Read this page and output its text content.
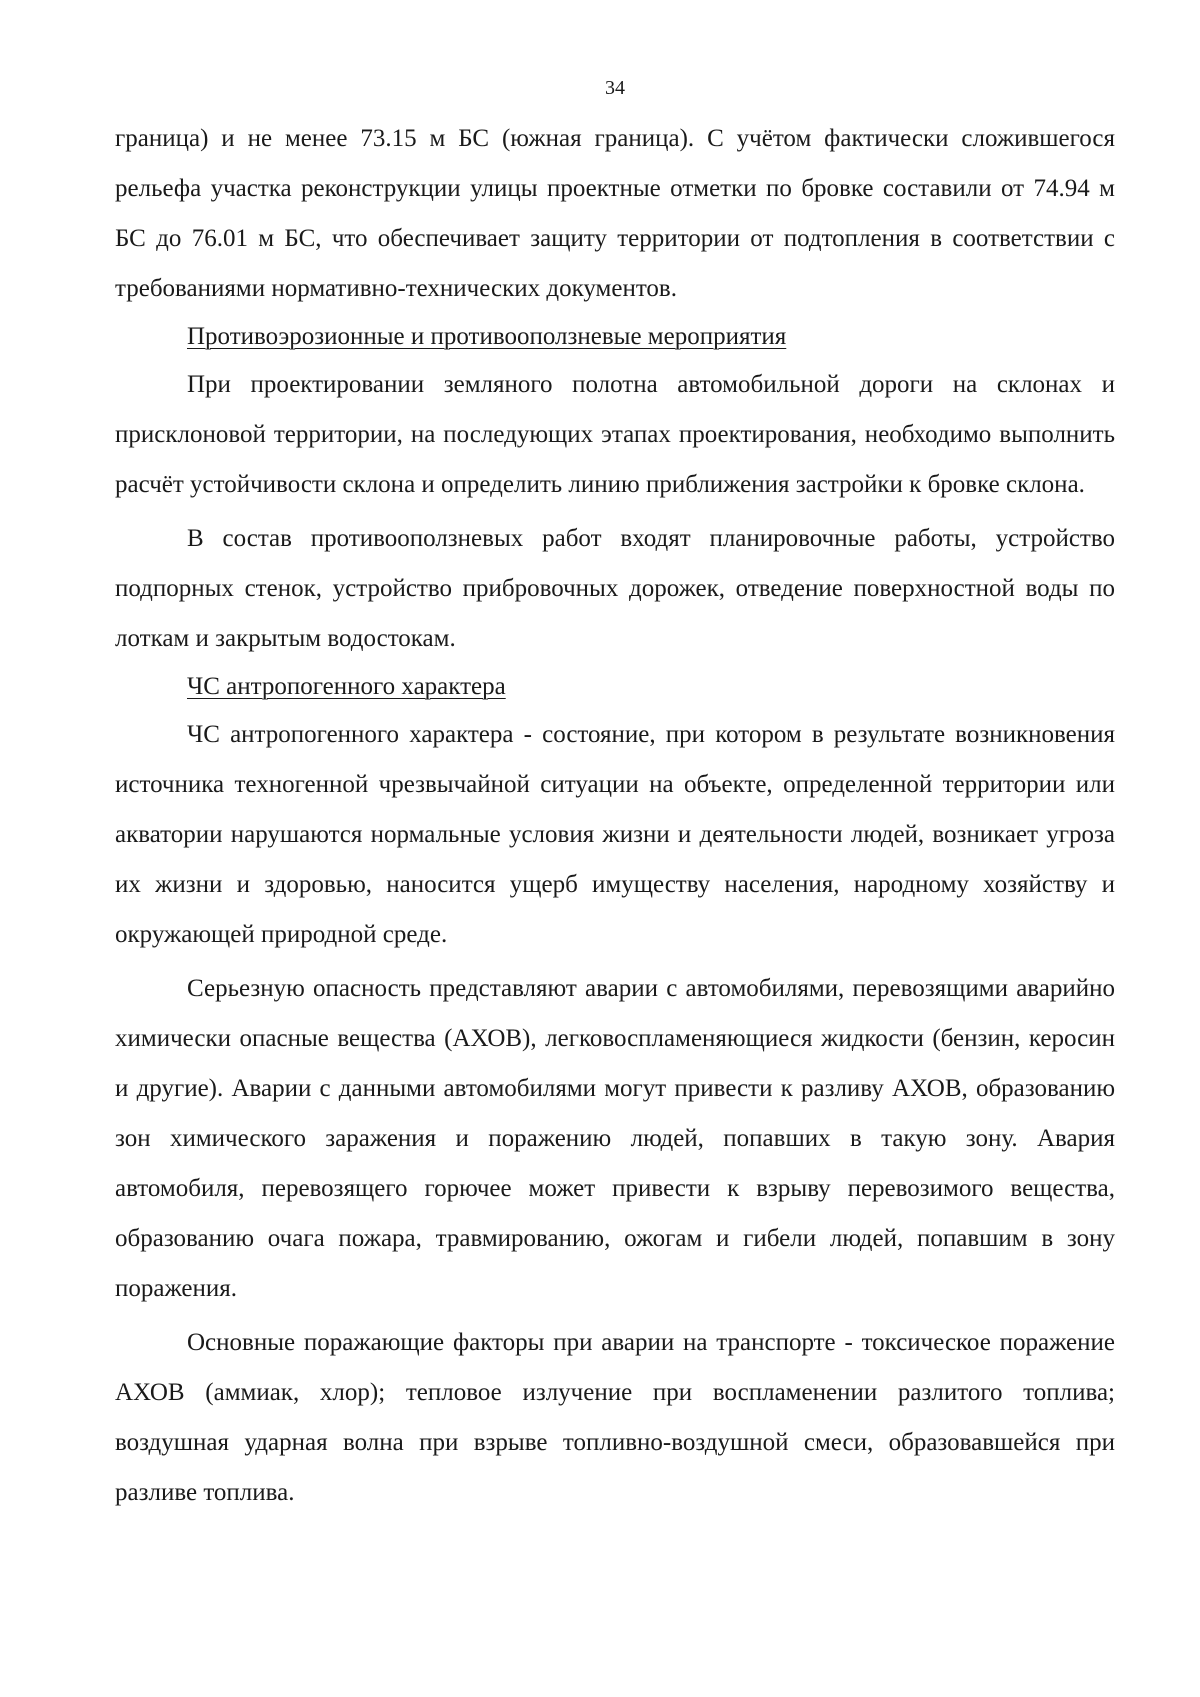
34

граница) и не менее 73.15 м БС (южная граница). С учётом фактически сложившегося рельефа участка реконструкции улицы проектные отметки по бровке составили от 74.94 м БС до 76.01 м БС, что обеспечивает защиту территории от подтопления в соответствии с требованиями нормативно-технических документов.

Противоэрозионные и противооползневые мероприятия

При проектировании земляного полотна автомобильной дороги на склонах и присклоновой территории, на последующих этапах проектирования, необходимо выполнить расчёт устойчивости склона и определить линию приближения застройки к бровке склона.

В состав противооползневых работ входят планировочные работы, устройство подпорных стенок, устройство прибровочных дорожек, отведение поверхностной воды по лоткам и закрытым водостокам.

ЧС антропогенного характера

ЧС антропогенного характера - состояние, при котором в результате возникновения источника техногенной чрезвычайной ситуации на объекте, определенной территории или акватории нарушаются нормальные условия жизни и деятельности людей, возникает угроза их жизни и здоровью, наносится ущерб имуществу населения, народному хозяйству и окружающей природной среде.

Серьезную опасность представляют аварии с автомобилями, перевозящими аварийно химически опасные вещества (АХОВ), легковоспламеняющиеся жидкости (бензин, керосин и другие). Аварии с данными автомобилями могут привести к разливу АХОВ, образованию зон химического заражения и поражению людей, попавших в такую зону. Авария автомобиля, перевозящего горючее может привести к взрыву перевозимого вещества, образованию очага пожара, травмированию, ожогам и гибели людей, попавшим в зону поражения.

Основные поражающие факторы при аварии на транспорте - токсическое поражение АХОВ (аммиак, хлор); тепловое излучение при воспламенении разлитого топлива; воздушная ударная волна при взрыве топливно-воздушной смеси, образовавшейся при разливе топлива.
